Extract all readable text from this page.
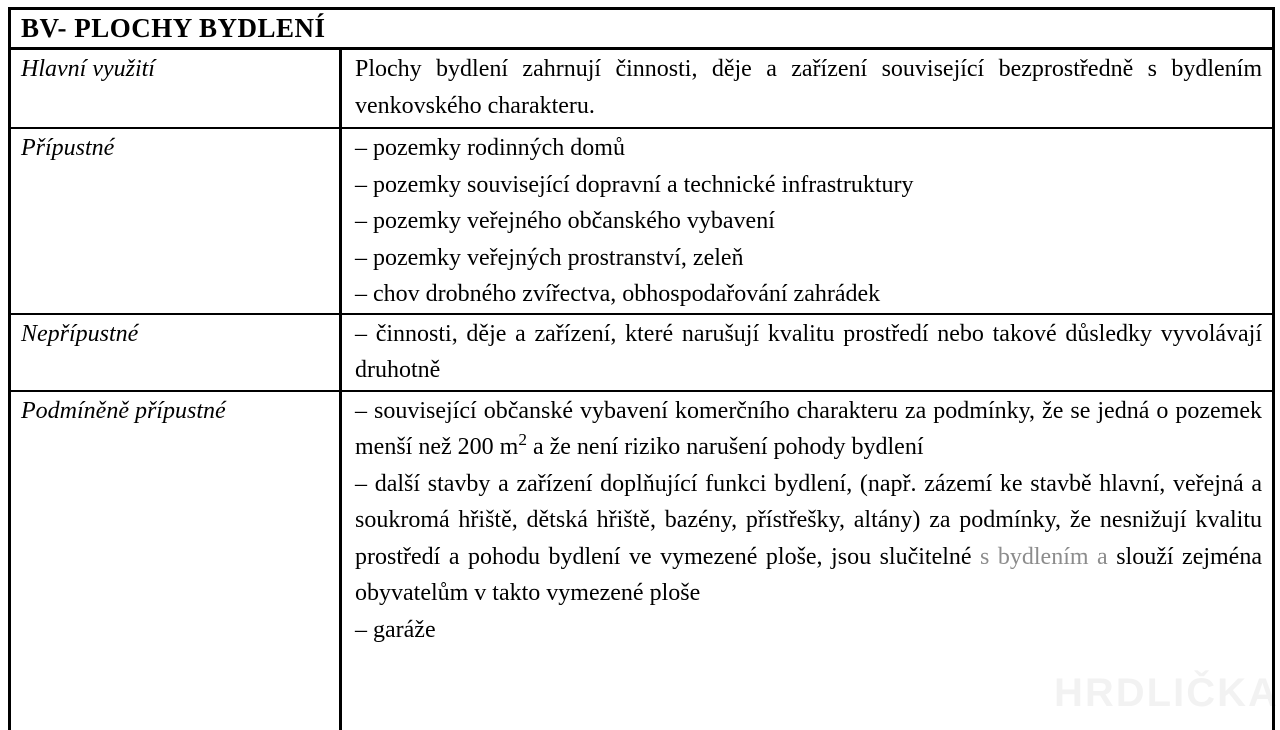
BV- PLOCHY BYDLENÍ	
Hlavní využití	Plochy bydlení zahrnují činnosti, děje a zařízení související bezprostředně s bydlením venkovského charakteru.

Přípustné	– pozemky rodinných domů

– pozemky související dopravní a technické infrastruktury

– pozemky veřejného občanského vybavení

– pozemky veřejných prostranství, zeleň

– chov drobného zvířectva, obhospodařování zahrádek

Nepřípustné	– činnosti, děje a zařízení, které narušují kvalitu prostředí nebo takové důsledky vyvolávají druhotně

Podmíněně přípustné	– související občanské vybavení komerčního charakteru za podmínky, že se jedná o pozemek menší než 200 $m^2$ a že není riziko narušení pohody bydlení

– další stavby a zařízení doplňující funkci bydlení, (např. zázemí ke stavbě hlavní, veřejná a soukromá hřiště, dětská hřiště, bazény, přístřešky, altány) za podmínky, že nesnižují kvalitu prostředí a pohodu bydlení ve vymezené ploše, jsou slučitelné s bydlením a slouží zejména obyvatelům v takto vymezené ploše

– garáže

HRDLIČKA
